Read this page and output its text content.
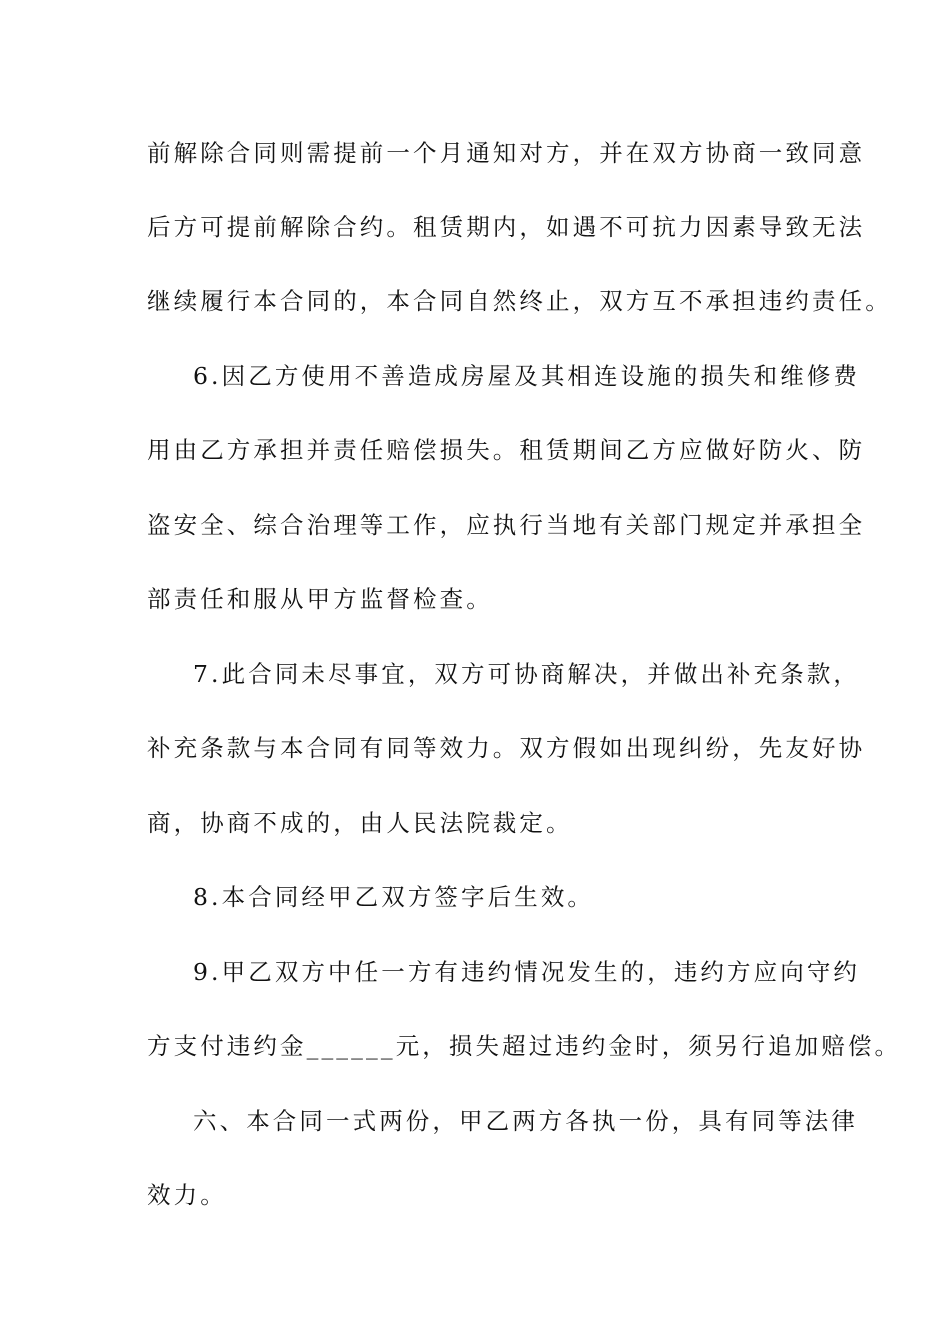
前解除合同则需提前一个月通知对方，并在双方协商一致同意
后方可提前解除合约。租赁期内，如遇不可抗力因素导致无法
继续履行本合同的，本合同自然终止，双方互不承担违约责任。
6.因乙方使用不善造成房屋及其相连设施的损失和维修费
用由乙方承担并责任赔偿损失。租赁期间乙方应做好防火、防
盗安全、综合治理等工作，应执行当地有关部门规定并承担全
部责任和服从甲方监督检查。
7.此合同未尽事宜，双方可协商解决，并做出补充条款，
补充条款与本合同有同等效力。双方假如出现纠纷，先友好协
商，协商不成的，由人民法院裁定。
8.本合同经甲乙双方签字后生效。
9.甲乙双方中任一方有违约情况发生的，违约方应向守约
方支付违约金______元，损失超过违约金时，须另行追加赔偿。
六、本合同一式两份，甲乙两方各执一份，具有同等法律
效力。
